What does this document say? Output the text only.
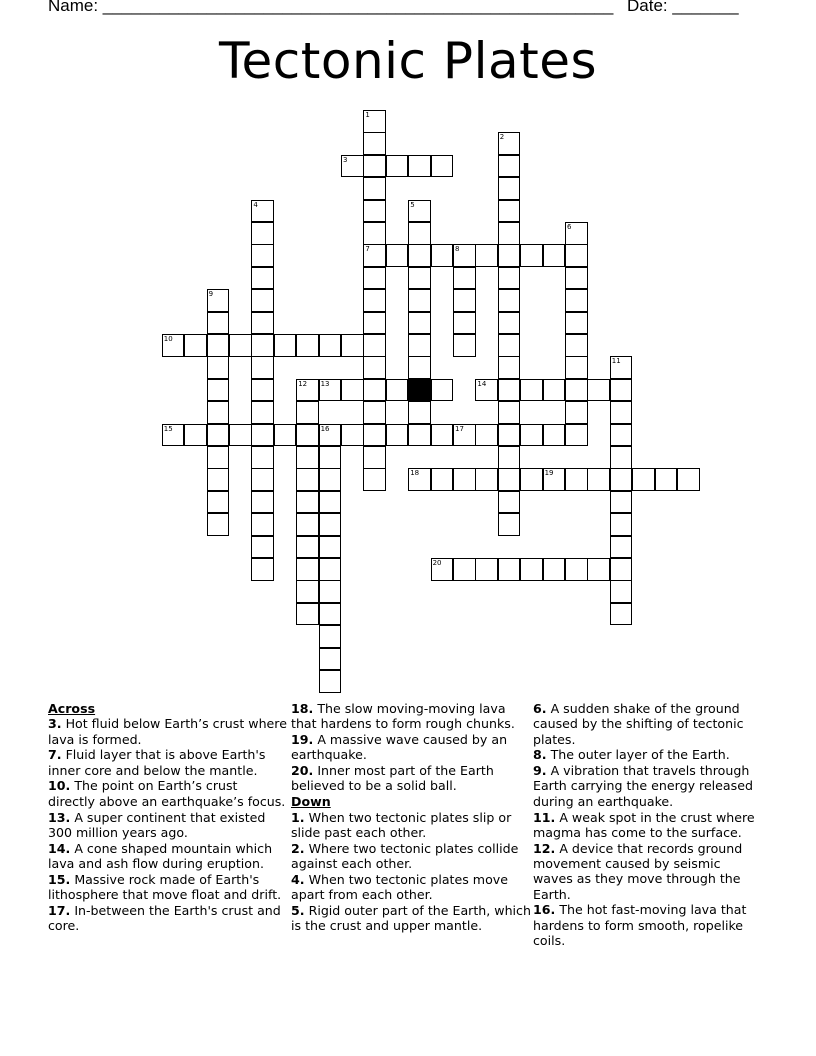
Name: ______________________________________________________ Date: _______
Tectonic Plates
1
7
2
3
4	5
6
8
9
10
11
12 13	14
15	16	17
18	19
20
Across
3. Hot fluid below Earth’s crust where lava is formed.
7. Fluid layer that is above Earth's inner core and below the mantle.
10. The point on Earth’s crust directly above an earthquake’s focus.
13. A super continent that existed 300 million years ago.
14. A cone shaped mountain which lava and ash flow during eruption.
15. Massive rock made of Earth's lithosphere that move float and drift.
17. In-between the Earth's crust and core.
18. The slow moving-moving lava that hardens to form rough chunks.
19. A massive wave caused by an earthquake.
20. Inner most part of the Earth believed to be a solid ball.
Down
1. When two tectonic plates slip or slide past each other.
2. Where two tectonic plates collide against each other.
4. When two tectonic plates move apart from each other.
5. Rigid outer part of the Earth, which is the crust and upper mantle.
6. A sudden shake of the ground caused by the shifting of tectonic plates.
8. The outer layer of the Earth.
9. A vibration that travels through Earth carrying the energy released during an earthquake.
11. A weak spot in the crust where magma has come to the surface.
12. A device that records ground movement caused by seismic waves as they move through the Earth.
16. The hot fast-moving lava that hardens to form smooth, ropelike coils.
